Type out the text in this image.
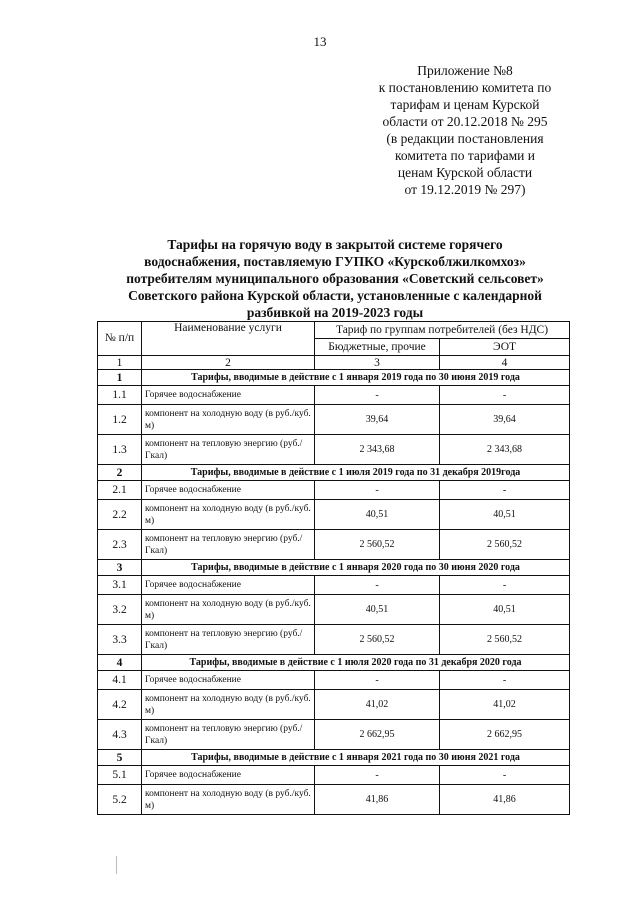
13
Приложение №8
к постановлению комитета по
тарифам и ценам Курской
области от 20.12.2018 № 295
(в редакции постановления
комитета по тарифами и
ценам Курской области
от 19.12.2019 № 297)
Тарифы на горячую воду в закрытой системе горячего
водоснабжения, поставляемую ГУПКО «Курскоблжилкомхоз»
потребителям муниципального образования «Советский сельсовет»
Советского района Курской области, установленные с календарной
разбивкой на 2019-2023 годы
№ п/п	Наименование услуги	Тариф по группам потребителей (без НДС)	
		Бюджетные, прочие	ЭОТ
1	2	3	4
1	Тарифы, вводимые в действие с 1 января 2019 года по 30 июня 2019 года		
1.1	Горячее водоснабжение	-	-
1.2	компонент на холодную воду (в руб./куб. м)	39,64	39,64
1.3	компонент на тепловую энергию (руб./Гкал)	2 343,68	2 343,68
2	Тарифы, вводимые в действие с 1 июля 2019 года по 31 декабря 2019года		
2.1	Горячее водоснабжение	-	-
2.2	компонент на холодную воду (в руб./куб. м)	40,51	40,51
2.3	компонент на тепловую энергию (руб./Гкал)	2 560,52	2 560,52
3	Тарифы, вводимые в действие с 1 января 2020 года по 30 июня 2020 года		
3.1	Горячее водоснабжение	-	-
3.2	компонент на холодную воду (в руб./куб. м)	40,51	40,51
3.3	компонент на тепловую энергию (руб./Гкал)	2 560,52	2 560,52
4	Тарифы, вводимые в действие с 1 июля 2020 года по 31 декабря 2020 года		
4.1	Горячее водоснабжение	-	-
4.2	компонент на холодную воду (в руб./куб. м)	41,02	41,02
4.3	компонент на тепловую энергию (руб./Гкал)	2 662,95	2 662,95
5	Тарифы, вводимые в действие с 1 января 2021 года по 30 июня 2021 года		
5.1	Горячее водоснабжение	-	-
5.2	компонент на холодную воду (в руб./куб. м)	41,86	41,86
